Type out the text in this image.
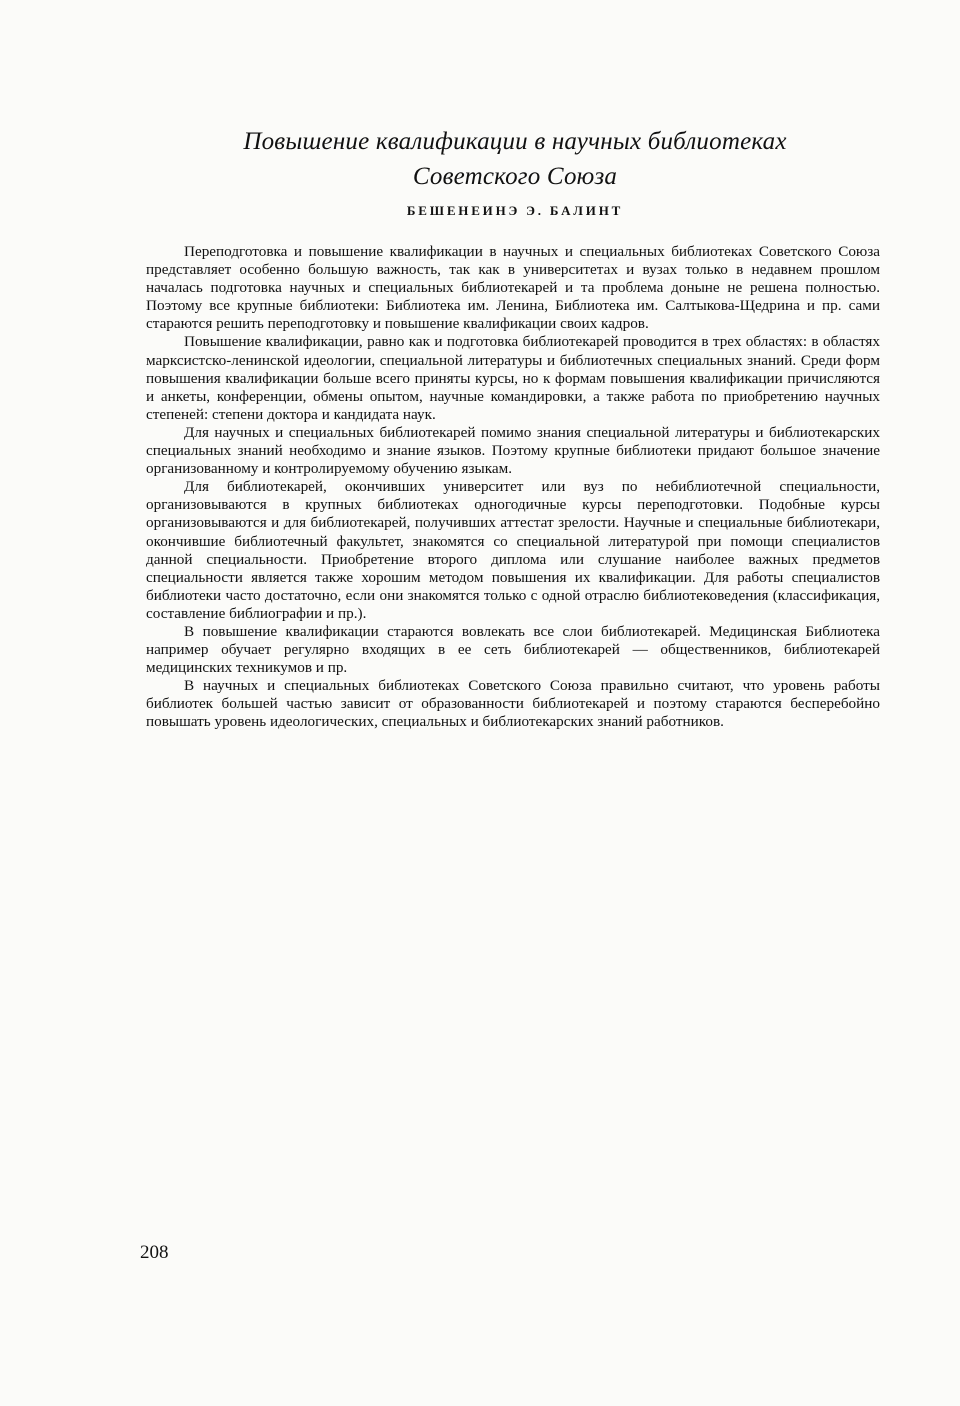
Повышение квалификации в научных библиотеках
Советского Союза
БЕШЕНЕИНЭ Э. БАЛИНТ

Переподготовка и повышение квалификации в научных и специальных библиотеках Советского Союза представляет особенно большую важность, так как в университетах и вузах только в недавнем прошлом началась подготовка научных и специальных библиотекарей и та проблема доныне не решена полностью. Поэтому все крупные библиотеки: Библиотека им. Ленина, Библиотека им. Салтыкова-Щедрина и пр. сами стараются решить переподготовку и повышение квалификации своих кадров.

Повышение квалификации, равно как и подготовка библиотекарей проводится в трех областях: в областях марксистско-ленинской идеологии, специальной литературы и библиотечных специальных знаний. Среди форм повышения квалификации больше всего приняты курсы, но к формам повышения квалификации причисляются и анкеты, конференции, обмены опытом, научные командировки, а также работа по приобретению научных степеней: степени доктора и кандидата наук.

Для научных и специальных библиотекарей помимо знания специальной литературы и библиотекарских специальных знаний необходимо и знание языков. Поэтому крупные библиотеки придают большое значение организованному и контролируемому обучению языкам.

Для библиотекарей, окончивших университет или вуз по небиблиотечной специальности, организовываются в крупных библиотеках одногодичные курсы переподготовки. Подобные курсы организовываются и для библиотекарей, получивших аттестат зрелости. Научные и специальные библиотекари, окончившие библиотечный факультет, знакомятся со специальной литературой при помощи специалистов данной специальности. Приобретение второго диплома или слушание наиболее важных предметов специальности является также хорошим методом повышения их квалификации. Для работы специалистов библиотеки часто достаточно, если они знакомятся только с одной отраслю библиотековедения (классификация, составление библиографии и пр.).

В повышение квалификации стараются вовлекать все слои библиотекарей. Медицинская Библиотека например обучает регулярно входящих в ее сеть библиотекарей — общественников, библиотекарей медицинских техникумов и пр.

В научных и специальных библиотеках Советского Союза правильно считают, что уровень работы библиотек большей частью зависит от образованности библиотекарей и поэтому стараются бесперебойно повышать уровень идеологических, специальных и библиотекарских знаний работников.

208
